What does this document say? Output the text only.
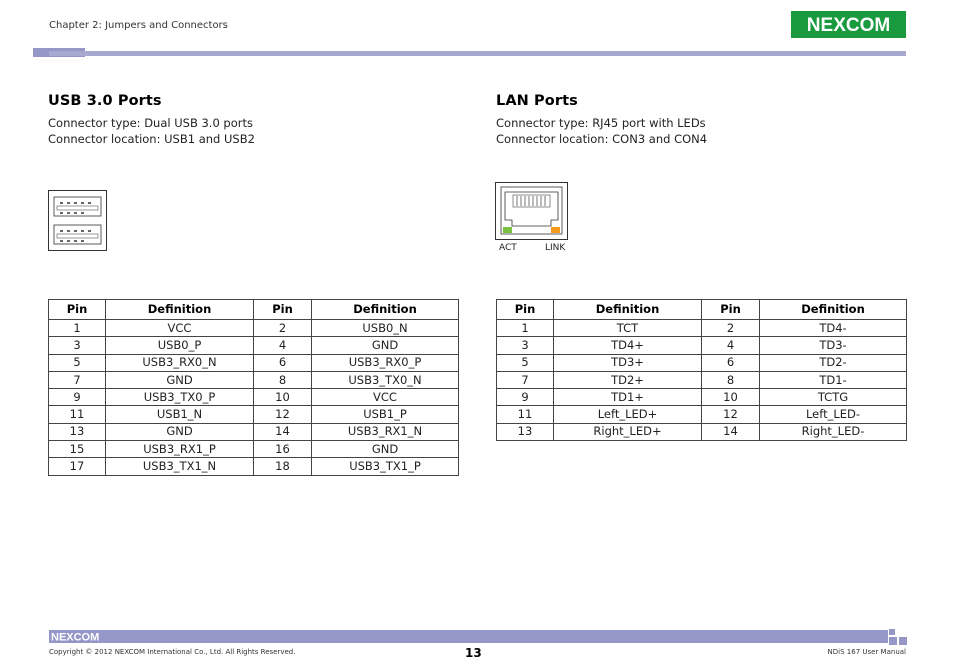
Chapter 2: Jumpers and Connectors	NEXCOM
USB 3.0 Ports

Connector type: Dual USB 3.0 ports

Connector location: USB1 and USB2

Pin	Definition	Pin	Definition
1	VCC	2	USB0_N
3	USB0_P	4	GND
5	USB3_RX0_N	6	USB3_RX0_P
7	GND	8	USB3_TX0_N
9	USB3_TX0_P	10	VCC
11	USB1_N	12	USB1_P
13	GND	14	USB3_RX1_N
15	USB3_RX1_P	16	GND
17	USB3_TX1_N	18	USB3_TX1_P
LAN Ports

Connector type: RJ45 port with LEDs

Connector location: CON3 and CON4

ACT	LINK
Pin	Definition	Pin	Definition
1	TCT	2	TD4-
3	TD4+	4	TD3-
5	TD3+	6	TD2-
7	TD2+	8	TD1-
9	TD1+	10	TCTG
11	Left_LED+	12	Left_LED-
13	Right_LED+	14	Right_LED-
NEXCOM
Copyright © 2012 NEXCOM International Co., Ltd. All Rights Reserved.	13	NDiS 167 User Manual
